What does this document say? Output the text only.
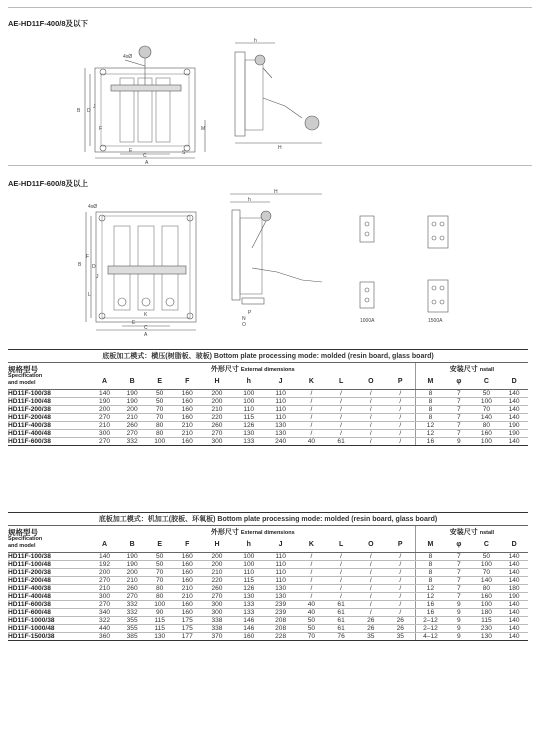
AE-HD11F-400/8及以下
4xØ
B D
J
F
E
C
A
M
S
h
H
AE-HD11F-600/8及以上
4xØ
B
F
D
J
L
E
K
C
A
H
h
P
N
O
1000A	1500A
底板加工模式：横压(树脂板、玻板) Bottom plate processing mode: molded (resin board, glass board)															

规格型号
Specification
and model	外形尺寸 External dimensions											安装尺寸 nstall			
	A	B	E	F	H	h	J	K	L	O	P	M	φ	C	D
HD11F-100/38	140	190	50	160	200	100	110	/	/	/	/	8	7	50	140
HD11F-100/48	190	190	50	160	200	100	110	/	/	/	/	8	7	100	140
HD11F-200/38	200	200	70	160	210	110	110	/	/	/	/	8	7	70	140
HD11F-200/48	270	210	70	160	220	115	110	/	/	/	/	8	7	140	140
HD11F-400/38	210	260	80	210	260	126	130	/	/	/	/	12	7	80	190
HD11F-400/48	300	270	80	210	270	130	130	/	/	/	/	12	7	160	190
HD11F-600/38	270	332	100	160	300	133	240	40	61	/	/	16	9	100	140
底板加工模式：机加工(胶板、环氧板) Bottom plate processing mode: molded (resin board, glass board)															

规格型号
Specification
and model	外形尺寸 External dimensions											安装尺寸 nstall			
	A	B	E	F	H	h	J	K	L	O	P	M	φ	C	D
HD11F-100/38	140	190	50	160	200	100	110	/	/	/	/	8	7	50	140
HD11F-100/48	192	190	50	160	200	100	110	/	/	/	/	8	7	100	140
HD11F-200/38	200	200	70	160	210	110	110	/	/	/	/	8	7	70	140
HD11F-200/48	270	210	70	160	220	115	110	/	/	/	/	8	7	140	140
HD11F-400/38	210	260	80	210	260	126	130	/	/	/	/	12	7	80	180
HD11F-400/48	300	270	80	210	270	130	130	/	/	/	/	12	7	160	190
HD11F-600/38	270	332	100	160	300	133	239	40	61	/	/	16	9	100	140
HD11F-600/48	340	332	90	160	300	133	239	40	61	/	/	16	9	180	140
HD11F-1000/38	322	355	115	175	338	146	208	50	61	26	26	2–12	9	115	140
HD11F-1000/48	440	355	115	175	338	146	208	50	61	26	26	2–12	9	230	140
HD11F-1500/38	360	385	130	177	370	160	228	70	76	35	35	4–12	9	130	140
